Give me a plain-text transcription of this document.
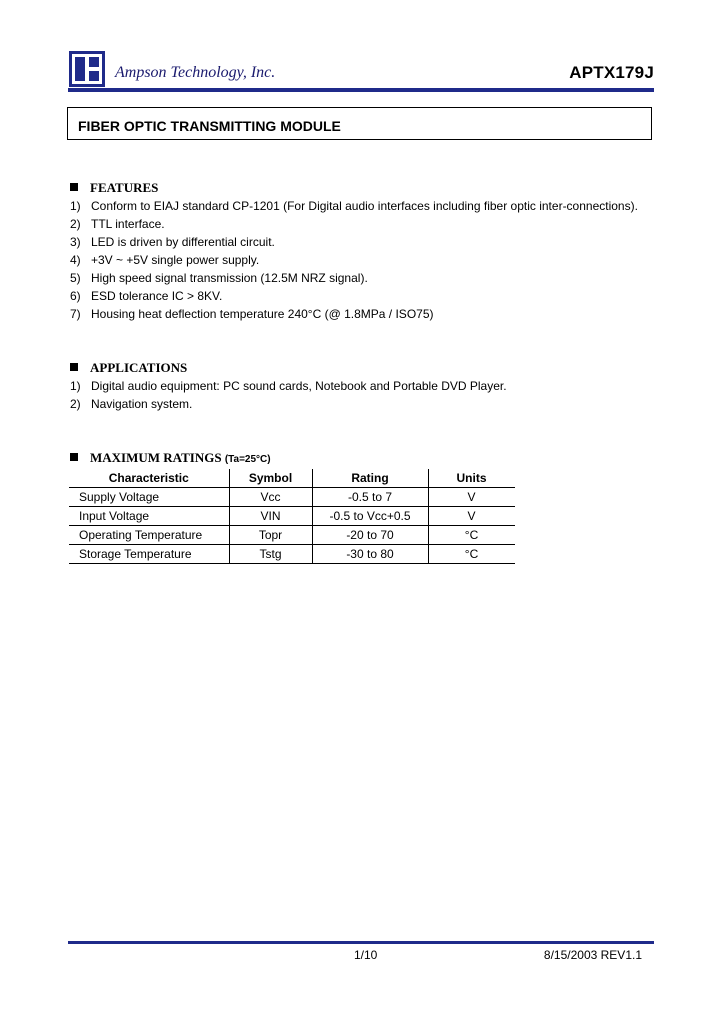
Ampson Technology, Inc.	APTX179J
FIBER OPTIC TRANSMITTING MODULE
FEATURES
1) Conform to EIAJ standard CP-1201 (For Digital audio interfaces including fiber optic inter-connections).
2) TTL interface.
3) LED is driven by differential circuit.
4) +3V ~ +5V single power supply.
5) High speed signal transmission (12.5M NRZ signal).
6) ESD tolerance IC > 8KV.
7) Housing heat deflection temperature 240°C (@ 1.8MPa / ISO75)
APPLICATIONS
1) Digital audio equipment: PC sound cards, Notebook and Portable DVD Player.
2) Navigation system.
MAXIMUM RATINGS (Ta=25°C)
Characteristic	Symbol	Rating	Units
Supply Voltage	Vcc	-0.5 to 7	V
Input Voltage	VIN	-0.5 to Vcc+0.5	V
Operating Temperature	Topr	-20 to 70	°C
Storage Temperature	Tstg	-30 to 80	°C
1/10	8/15/2003 REV1.1
